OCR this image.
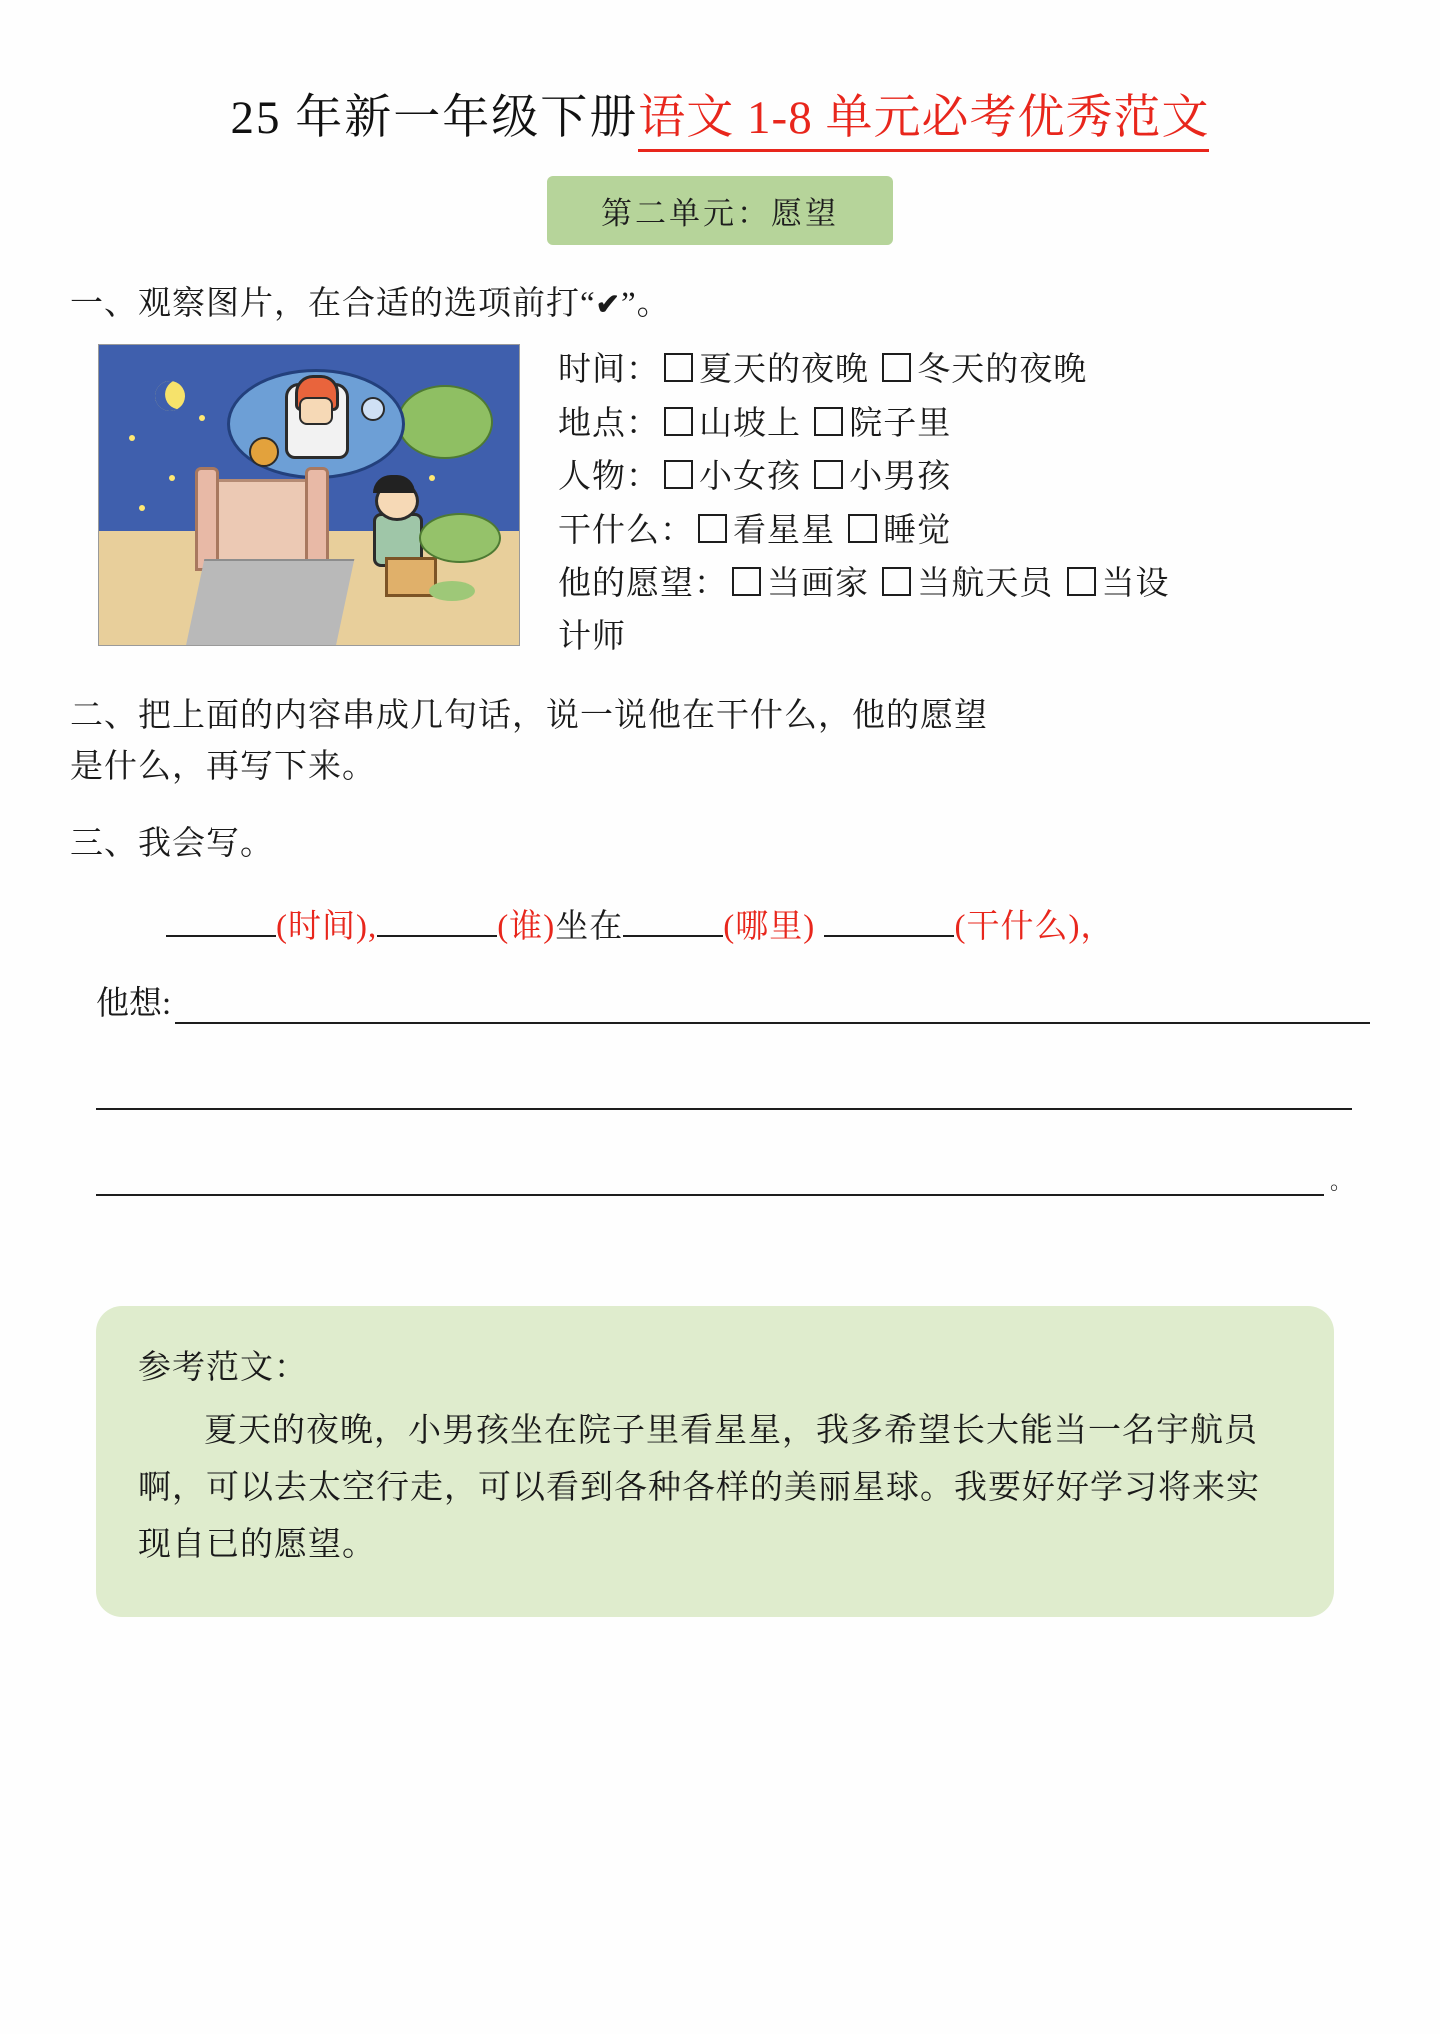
25 年新一年级下册 语文 1-8 单元必考优秀范文
第二单元：愿望
一、观察图片，在合适的选项前打“✔”。
时间： 夏天的夜晚 冬天的夜晚
地点： 山坡上 院子里
人物： 小女孩 小男孩
干什么： 看星星 睡觉
他的愿望： 当画家 当航天员 当设
计师
二、把上面的内容串成几句话，说一说他在干什么，他的愿望
是什么，再写下来。
三、我会写。
(时间),	(谁)坐在	(哪里)	(干什么)，
他想:
。
参考范文：
夏天的夜晚，小男孩坐在院子里看星星，我多希望长大能当一名宇航员啊，可以去太空行走，可以看到各种各样的美丽星球。我要好好学习将来实现自已的愿望。
